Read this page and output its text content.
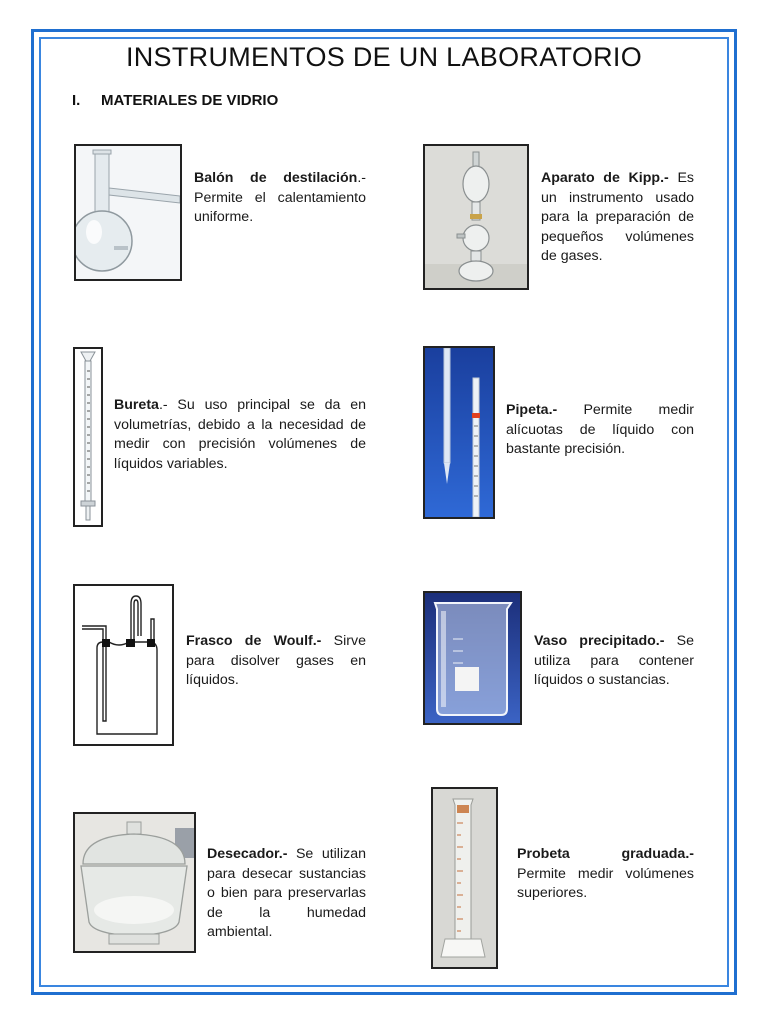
INSTRUMENTOS DE UN LABORATORIO
I. MATERIALES DE VIDRIO
Balón de destilación.- Permite el calentamiento uniforme.
Aparato de Kipp.- Es un instrumento usado para la preparación de pequeños volúmenes de gases.
Bureta.- Su uso principal se da en volumetrías, debido a la necesidad de medir con precisión volúmenes de líquidos variables.
Pipeta.- Permite medir alícuotas de líquido con bastante precisión.
Frasco de Woulf.- Sirve para disolver gases en líquidos.
Vaso precipitado.- Se utiliza para contener líquidos o sustancias.
Desecador.- Se utilizan para desecar sustancias o bien para preservarlas de la humedad ambiental.
Probeta graduada.- Permite medir volúmenes superiores.
